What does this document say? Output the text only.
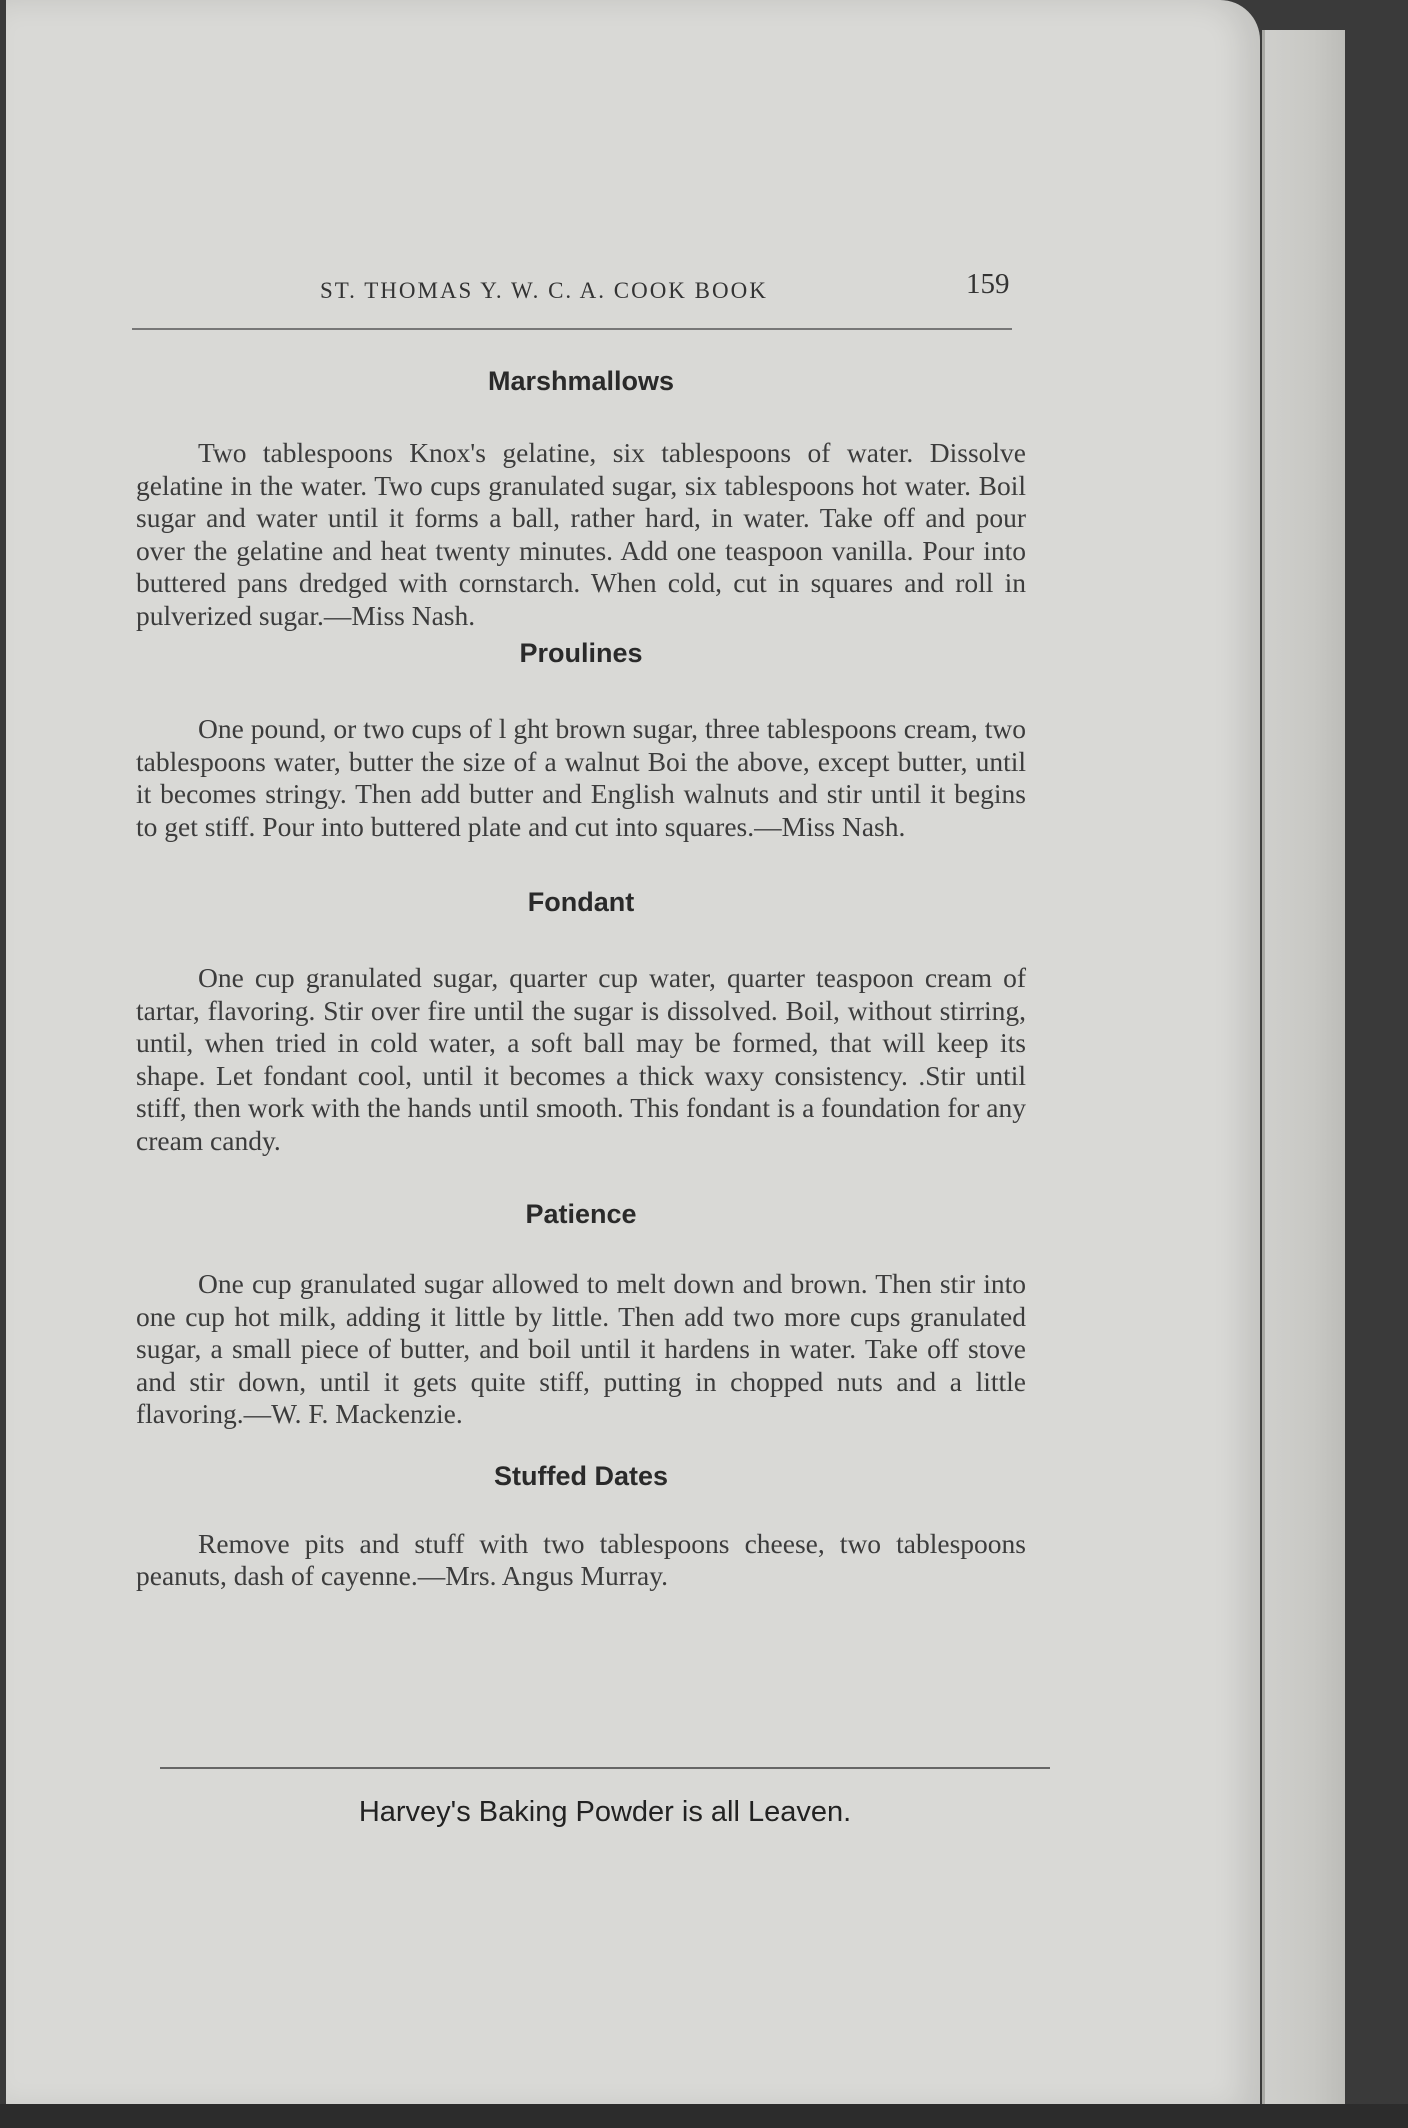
ST. THOMAS Y. W. C. A. COOK BOOK	159
Marshmallows

Two tablespoons Knox's gelatine, six tablespoons of water. Dissolve gelatine in the water. Two cups granulated sugar, six tablespoons hot water. Boil sugar and water until it forms a ball, rather hard, in water. Take off and pour over the gelatine and heat twenty minutes. Add one teaspoon vanilla. Pour into buttered pans dredged with cornstarch. When cold, cut in squares and roll in pulverized sugar.—Miss Nash.

Proulines

One pound, or two cups of l ght brown sugar, three tablespoons cream, two tablespoons water, butter the size of a walnut Boi the above, except butter, until it becomes stringy. Then add butter and English walnuts and stir until it begins to get stiff. Pour into buttered plate and cut into squares.—Miss Nash.

Fondant

One cup granulated sugar, quarter cup water, quarter teaspoon cream of tartar, flavoring. Stir over fire until the sugar is dissolved. Boil, without stirring, until, when tried in cold water, a soft ball may be formed, that will keep its shape. Let fondant cool, until it becomes a thick waxy consistency. .Stir until stiff, then work with the hands until smooth. This fondant is a foundation for any cream candy.

Patience

One cup granulated sugar allowed to melt down and brown. Then stir into one cup hot milk, adding it little by little. Then add two more cups granulated sugar, a small piece of butter, and boil until it hardens in water. Take off stove and stir down, until it gets quite stiff, putting in chopped nuts and a little flavoring.—W. F. Mackenzie.

Stuffed Dates

Remove pits and stuff with two tablespoons cheese, two tablespoons peanuts, dash of cayenne.—Mrs. Angus Murray.

Harvey's Baking Powder is all Leaven.
